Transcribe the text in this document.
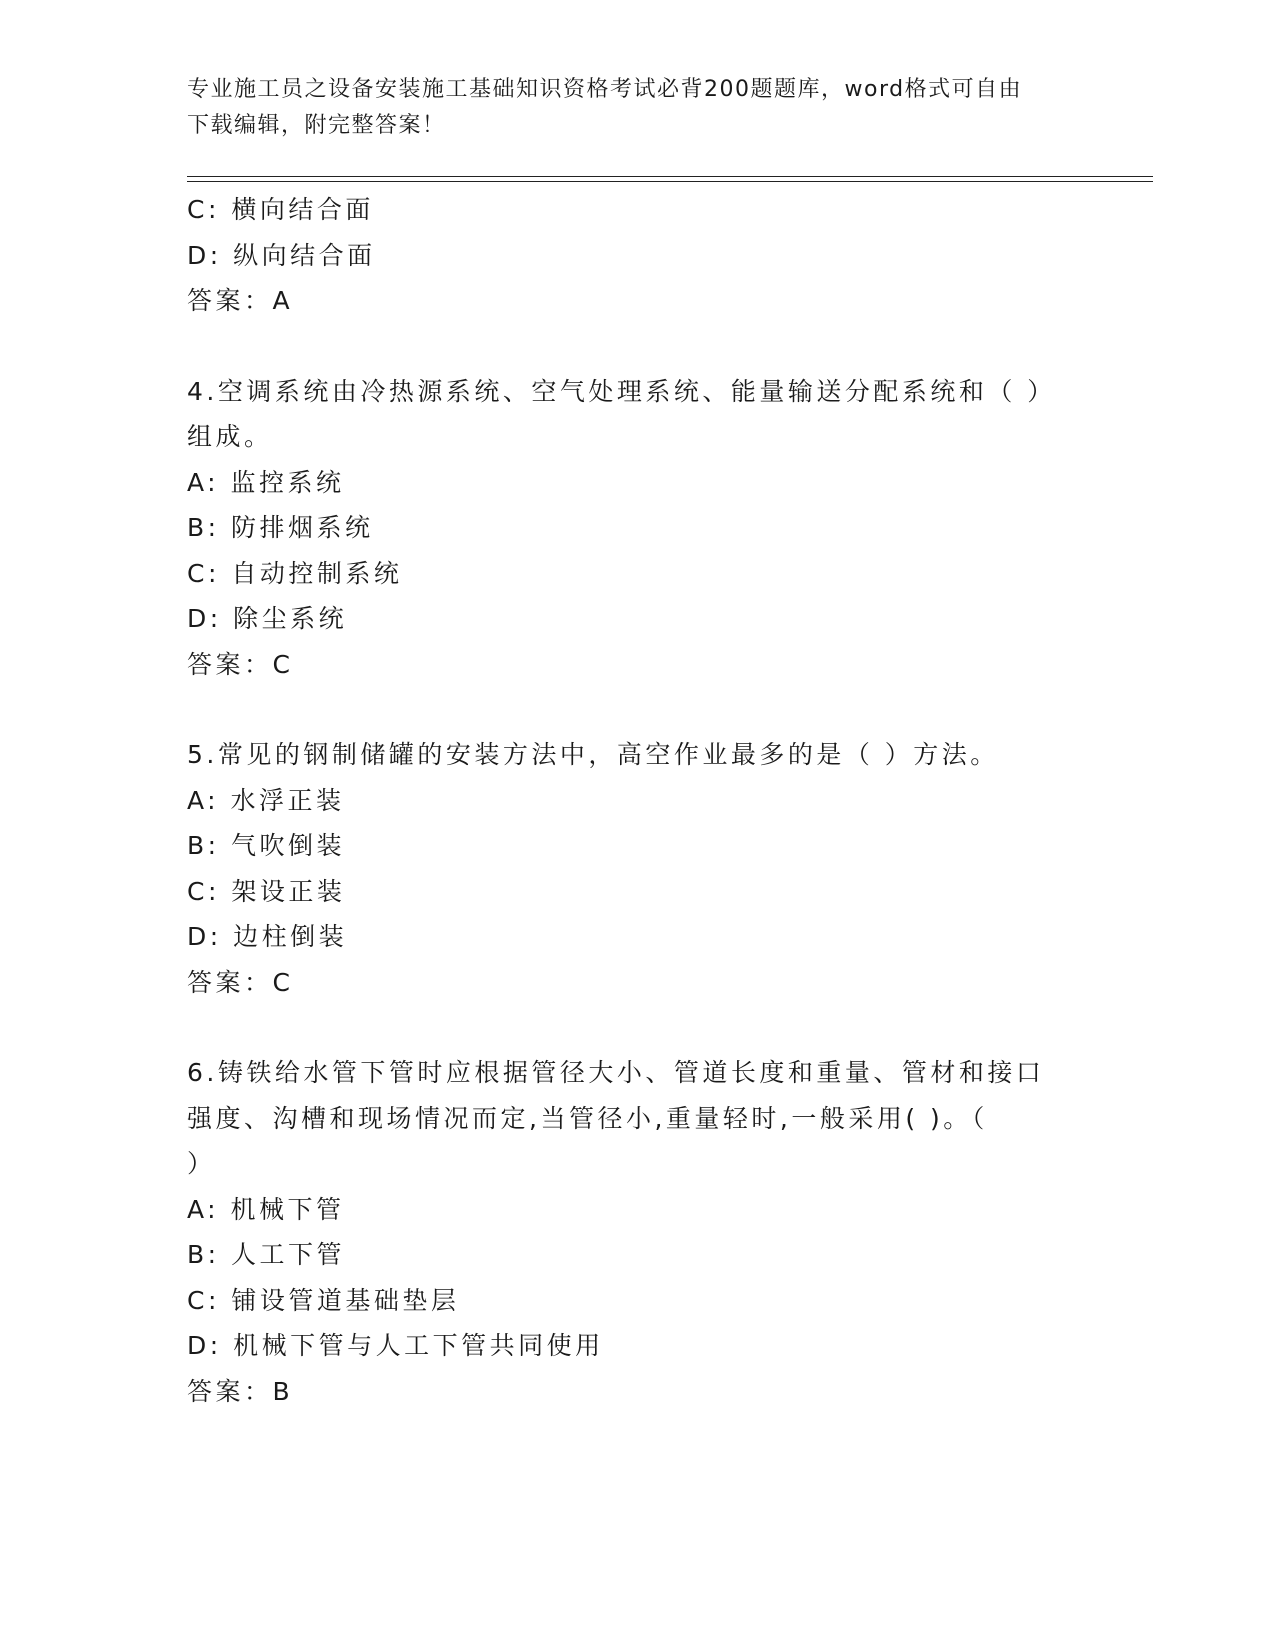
专业施工员之设备安装施工基础知识资格考试必背200题题库，word格式可自由
下载编辑，附完整答案！
C: 横向结合面
D: 纵向结合面
答案：A
4.空调系统由冷热源系统、空气处理系统、能量输送分配系统和（ ）
组成。
A: 监控系统
B: 防排烟系统
C: 自动控制系统
D: 除尘系统
答案：C
5.常见的钢制储罐的安装方法中，高空作业最多的是（ ）方法。
A: 水浮正装
B: 气吹倒装
C: 架设正装
D: 边柱倒装
答案：C
6.铸铁给水管下管时应根据管径大小、管道长度和重量、管材和接口
强度、沟槽和现场情况而定,当管径小,重量轻时,一般采用( )。（
）
A: 机械下管
B: 人工下管
C: 铺设管道基础垫层
D: 机械下管与人工下管共同使用
答案：B
